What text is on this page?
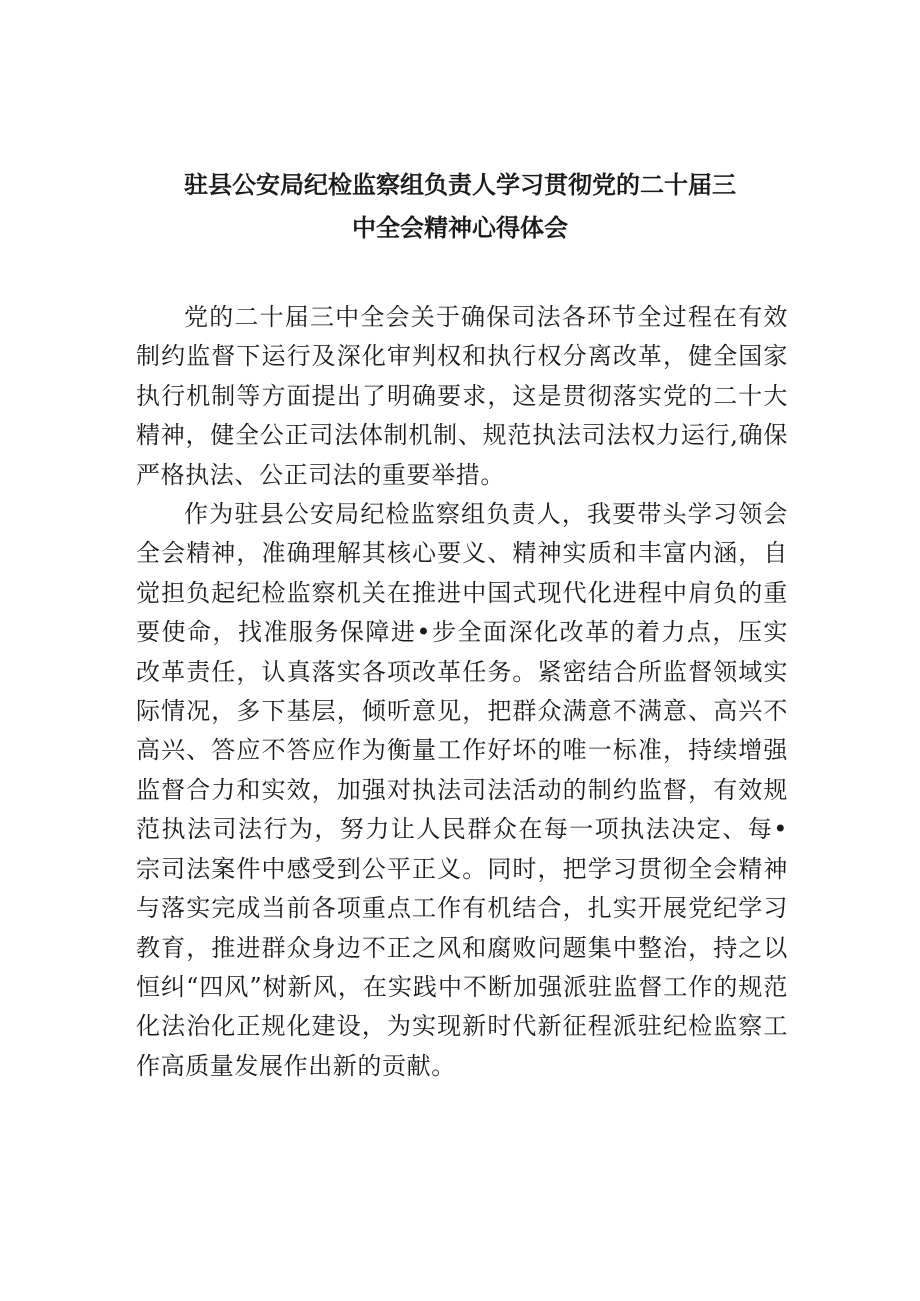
驻县公安局纪检监察组负责人学习贯彻党的二十届三
中全会精神心得体会

党的二十届三中全会关于确保司法各环节全过程在有效制约监督下运行及深化审判权和执行权分离改革，健全国家执行机制等方面提出了明确要求，这是贯彻落实党的二十大精神，健全公正司法体制机制、规范执法司法权力运行,确保严格执法、公正司法的重要举措。

作为驻县公安局纪检监察组负责人，我要带头学习领会全会精神，准确理解其核心要义、精神实质和丰富内涵，自觉担负起纪检监察机关在推进中国式现代化进程中肩负的重要使命，找准服务保障进•步全面深化改革的着力点，压实改革责任，认真落实各项改革任务。紧密结合所监督领域实际情况，多下基层，倾听意见，把群众满意不满意、高兴不高兴、答应不答应作为衡量工作好坏的唯一标准，持续增强监督合力和实效，加强对执法司法活动的制约监督，有效规范执法司法行为，努力让人民群众在每一项执法决定、每•宗司法案件中感受到公平正义。同时，把学习贯彻全会精神与落实完成当前各项重点工作有机结合，扎实开展党纪学习教育，推进群众身边不正之风和腐败问题集中整治，持之以恒纠“四风”树新风，在实践中不断加强派驻监督工作的规范化法治化正规化建设，为实现新时代新征程派驻纪检监察工作高质量发展作出新的贡献。
